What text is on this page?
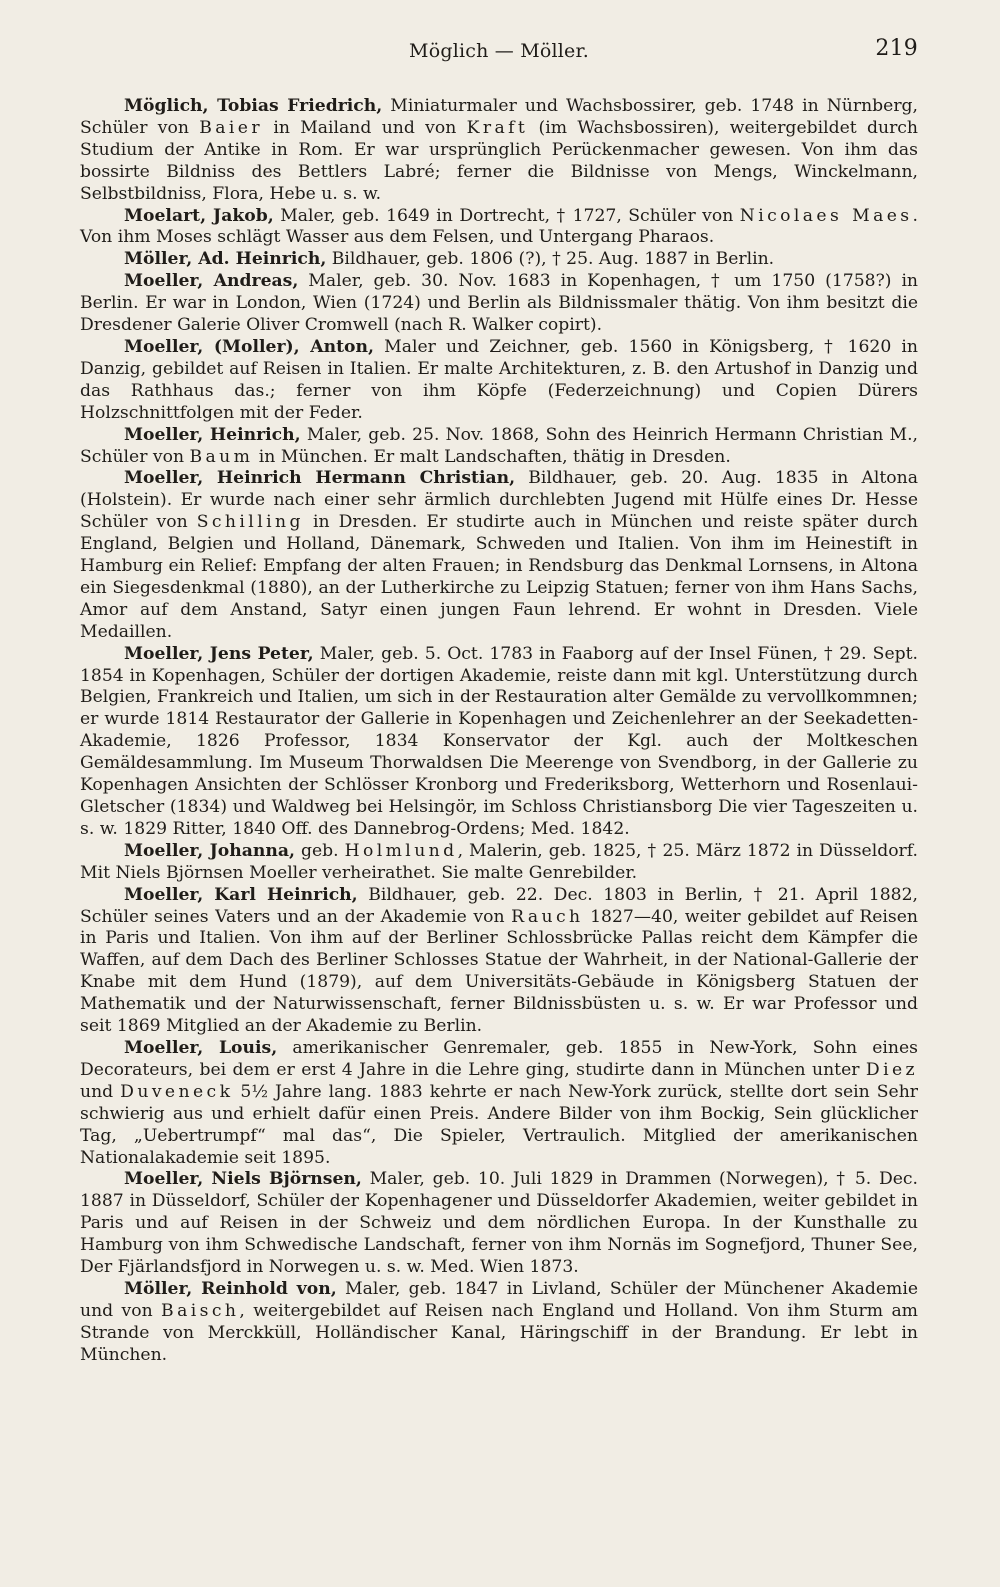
Möglich — Möller.	219

Möglich, Tobias Friedrich, Miniaturmaler und Wachsbossirer, geb. 1748 in Nürnberg, Schüler von Baier in Mailand und von Kraft (im Wachsbossiren), weitergebildet durch Studium der Antike in Rom. Er war ursprünglich Perückenmacher gewesen. Von ihm das bossirte Bildniss des Bettlers Labré; ferner die Bildnisse von Mengs, Winckelmann, Selbstbildniss, Flora, Hebe u. s. w.

Moelart, Jakob, Maler, geb. 1649 in Dortrecht, † 1727, Schüler von Nicolaes Maes. Von ihm Moses schlägt Wasser aus dem Felsen, und Untergang Pharaos.

Möller, Ad. Heinrich, Bildhauer, geb. 1806 (?), † 25. Aug. 1887 in Berlin.

Moeller, Andreas, Maler, geb. 30. Nov. 1683 in Kopenhagen, † um 1750 (1758?) in Berlin. Er war in London, Wien (1724) und Berlin als Bildnissmaler thätig. Von ihm besitzt die Dresdener Galerie Oliver Cromwell (nach R. Walker copirt).

Moeller, (Moller), Anton, Maler und Zeichner, geb. 1560 in Königsberg, † 1620 in Danzig, gebildet auf Reisen in Italien. Er malte Architekturen, z. B. den Artushof in Danzig und das Rathhaus das.; ferner von ihm Köpfe (Federzeichnung) und Copien Dürers Holzschnittfolgen mit der Feder.

Moeller, Heinrich, Maler, geb. 25. Nov. 1868, Sohn des Heinrich Hermann Christian M., Schüler von Baum in München. Er malt Landschaften, thätig in Dresden.

Moeller, Heinrich Hermann Christian, Bildhauer, geb. 20. Aug. 1835 in Altona (Holstein). Er wurde nach einer sehr ärmlich durchlebten Jugend mit Hülfe eines Dr. Hesse Schüler von Schilling in Dresden. Er studirte auch in München und reiste später durch England, Belgien und Holland, Dänemark, Schweden und Italien. Von ihm im Heinestift in Hamburg ein Relief: Empfang der alten Frauen; in Rendsburg das Denkmal Lornsens, in Altona ein Siegesdenkmal (1880), an der Lutherkirche zu Leipzig Statuen; ferner von ihm Hans Sachs, Amor auf dem Anstand, Satyr einen jungen Faun lehrend. Er wohnt in Dresden. Viele Medaillen.

Moeller, Jens Peter, Maler, geb. 5. Oct. 1783 in Faaborg auf der Insel Fünen, † 29. Sept. 1854 in Kopenhagen, Schüler der dortigen Akademie, reiste dann mit kgl. Unterstützung durch Belgien, Frankreich und Italien, um sich in der Restauration alter Gemälde zu vervollkommnen; er wurde 1814 Restaurator der Gallerie in Kopenhagen und Zeichenlehrer an der Seekadetten-Akademie, 1826 Professor, 1834 Konservator der Kgl. auch der Moltkeschen Gemäldesammlung. Im Museum Thorwaldsen Die Meerenge von Svendborg, in der Gallerie zu Kopenhagen Ansichten der Schlösser Kronborg und Frederiksborg, Wetterhorn und Rosenlaui-Gletscher (1834) und Waldweg bei Helsingör, im Schloss Christiansborg Die vier Tageszeiten u. s. w. 1829 Ritter, 1840 Off. des Dannebrog-Ordens; Med. 1842.

Moeller, Johanna, geb. Holmlund, Malerin, geb. 1825, † 25. März 1872 in Düsseldorf. Mit Niels Björnsen Moeller verheirathet. Sie malte Genrebilder.

Moeller, Karl Heinrich, Bildhauer, geb. 22. Dec. 1803 in Berlin, † 21. April 1882, Schüler seines Vaters und an der Akademie von Rauch 1827—40, weiter gebildet auf Reisen in Paris und Italien. Von ihm auf der Berliner Schlossbrücke Pallas reicht dem Kämpfer die Waffen, auf dem Dach des Berliner Schlosses Statue der Wahrheit, in der National-Gallerie der Knabe mit dem Hund (1879), auf dem Universitäts-Gebäude in Königsberg Statuen der Mathematik und der Naturwissenschaft, ferner Bildnissbüsten u. s. w. Er war Professor und seit 1869 Mitglied an der Akademie zu Berlin.

Moeller, Louis, amerikanischer Genremaler, geb. 1855 in New-York, Sohn eines Decorateurs, bei dem er erst 4 Jahre in die Lehre ging, studirte dann in München unter Diez und Duveneck 5½ Jahre lang. 1883 kehrte er nach New-York zurück, stellte dort sein Sehr schwierig aus und erhielt dafür einen Preis. Andere Bilder von ihm Bockig, Sein glücklicher Tag, „Uebertrumpf“ mal das“, Die Spieler, Vertraulich. Mitglied der amerikanischen Nationalakademie seit 1895.

Moeller, Niels Björnsen, Maler, geb. 10. Juli 1829 in Drammen (Norwegen), † 5. Dec. 1887 in Düsseldorf, Schüler der Kopenhagener und Düsseldorfer Akademien, weiter gebildet in Paris und auf Reisen in der Schweiz und dem nördlichen Europa. In der Kunsthalle zu Hamburg von ihm Schwedische Landschaft, ferner von ihm Nornäs im Sognefjord, Thuner See, Der Fjärlandsfjord in Norwegen u. s. w. Med. Wien 1873.

Möller, Reinhold von, Maler, geb. 1847 in Livland, Schüler der Münchener Akademie und von Baisch, weitergebildet auf Reisen nach England und Holland. Von ihm Sturm am Strande von Merckküll, Holländischer Kanal, Häringschiff in der Brandung. Er lebt in München.
